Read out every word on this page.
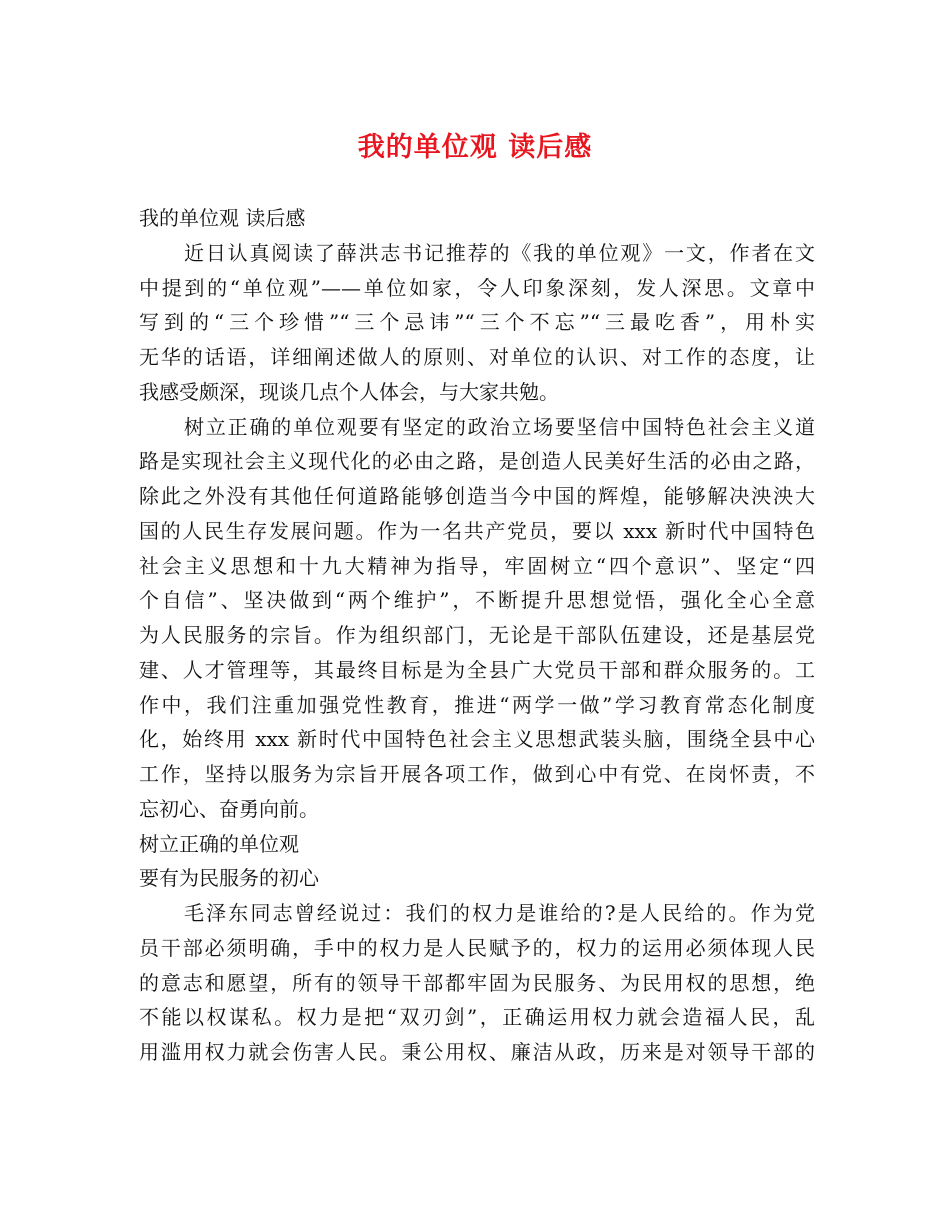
我的单位观 读后感
我的单位观 读后感
近日认真阅读了薛洪志书记推荐的《我的单位观》一文，作者在文
中提到的“单位观”——单位如家，令人印象深刻，发人深思。文章中
写到的“三个珍惜”“三个忌讳”“三个不忘”“三最吃香”，用朴实
无华的话语，详细阐述做人的原则、对单位的认识、对工作的态度，让
我感受颇深，现谈几点个人体会，与大家共勉。
树立正确的单位观要有坚定的政治立场要坚信中国特色社会主义道
路是实现社会主义现代化的必由之路，是创造人民美好生活的必由之路，
除此之外没有其他任何道路能够创造当今中国的辉煌，能够解决泱泱大
国的人民生存发展问题。作为一名共产党员，要以 xxx 新时代中国特色
社会主义思想和十九大精神为指导，牢固树立“四个意识”、坚定“四
个自信”、坚决做到“两个维护”，不断提升思想觉悟，强化全心全意
为人民服务的宗旨。作为组织部门，无论是干部队伍建设，还是基层党
建、人才管理等，其最终目标是为全县广大党员干部和群众服务的。工
作中，我们注重加强党性教育，推进“两学一做”学习教育常态化制度
化，始终用 xxx 新时代中国特色社会主义思想武装头脑，围绕全县中心
工作，坚持以服务为宗旨开展各项工作，做到心中有党、在岗怀责，不
忘初心、奋勇向前。
树立正确的单位观
要有为民服务的初心
毛泽东同志曾经说过：我们的权力是谁给的?是人民给的。作为党
员干部必须明确，手中的权力是人民赋予的，权力的运用必须体现人民
的意志和愿望，所有的领导干部都牢固为民服务、为民用权的思想，绝
不能以权谋私。权力是把“双刃剑”，正确运用权力就会造福人民，乱
用滥用权力就会伤害人民。秉公用权、廉洁从政，历来是对领导干部的
